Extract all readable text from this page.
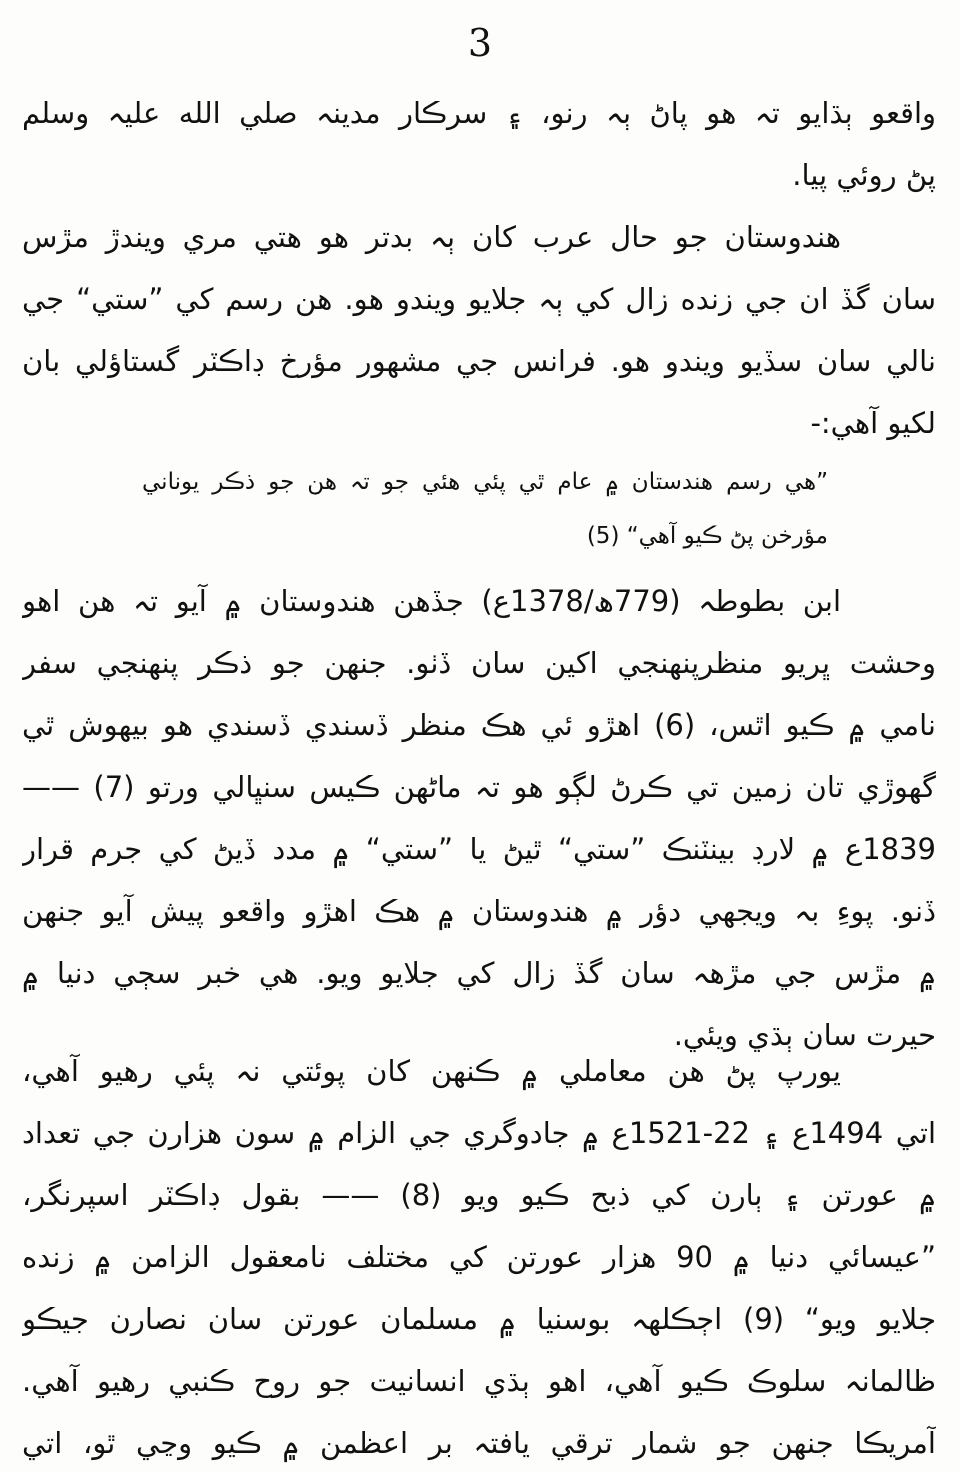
3
واقعو ٻڌايو تہ هو پاڻ ٻہ رنو، ۽ سرڪار مدينہ صلي الله عليہ وسلم
پڻ روئي پيا.
هندوستان جو حال عرب کان ٻہ بدتر هو هتي مري ويندڙ مڙس
سان گڏ ان جي زنده زال کي ٻہ جلايو ويندو هو. هن رسم کي ”ستي“ جي
نالي سان سڏيو ويندو هو. فرانس جي مشهور مؤرخ ڊاڪٽر گستاؤلي بان
لکيو آهي:-
”هي رسم هندستان ۾ عام ٿي پئي هئي جو تہ هن جو ذڪر يوناني
مؤرخن پڻ ڪيو آهي“ (5)
ابن بطوطہ (779ھ/1378ع) جڏهن هندوستان ۾ آيو تہ هن اهو
وحشت ڀريو منظرپنهنجي اکين سان ڏٺو. جنهن جو ذڪر پنهنجي سفر
نامي ۾ ڪيو اٿس، (6) اهڙو ئي هڪ منظر ڏسندي ڏسندي هو بيهوش ٿي
گهوڙي تان زمين تي ڪرڻ لڳو هو تہ ماڻهن ڪيس سنڀالي ورتو (7) ——
1839ع ۾ لارڊ بينٽنڪ ”ستي“ ٿيڻ يا ”ستي“ ۾ مدد ڏيڻ کي جرم قرار
ڏنو. پوءِ بہ ويجهي دؤر ۾ هندوستان ۾ هڪ اهڙو واقعو پيش آيو جنهن
۾ مڙس جي مڙهہ سان گڏ زال کي جلايو ويو. هي خبر سڄي دنيا ۾
حيرت سان ٻڌي ويئي.
يورپ پڻ هن معاملي ۾ ڪنهن کان پوئتي نہ پئي رهيو آهي،
اتي 1494ع ۽ 22-1521ع ۾ جادوگري جي الزام ۾ سون هزارن جي تعداد
۾ عورتن ۽ ٻارن کي ذبح ڪيو ويو (8) —— بقول ڊاڪٽر اسپرنگر،
”عيسائي دنيا ۾ 90 هزار عورتن کي مختلف نامعقول الزامن ۾ زنده
جلايو ويو“ (9) اڄڪلهہ بوسنيا ۾ مسلمان عورتن سان نصارن جيڪو
ظالمانہ سلوڪ ڪيو آهي، اهو ٻڌي انسانيت جو روح ڪنبي رهيو آهي.
آمريڪا جنهن جو شمار ترقي يافتہ بر اعظمن ۾ ڪيو وڃي ٿو، اتي
